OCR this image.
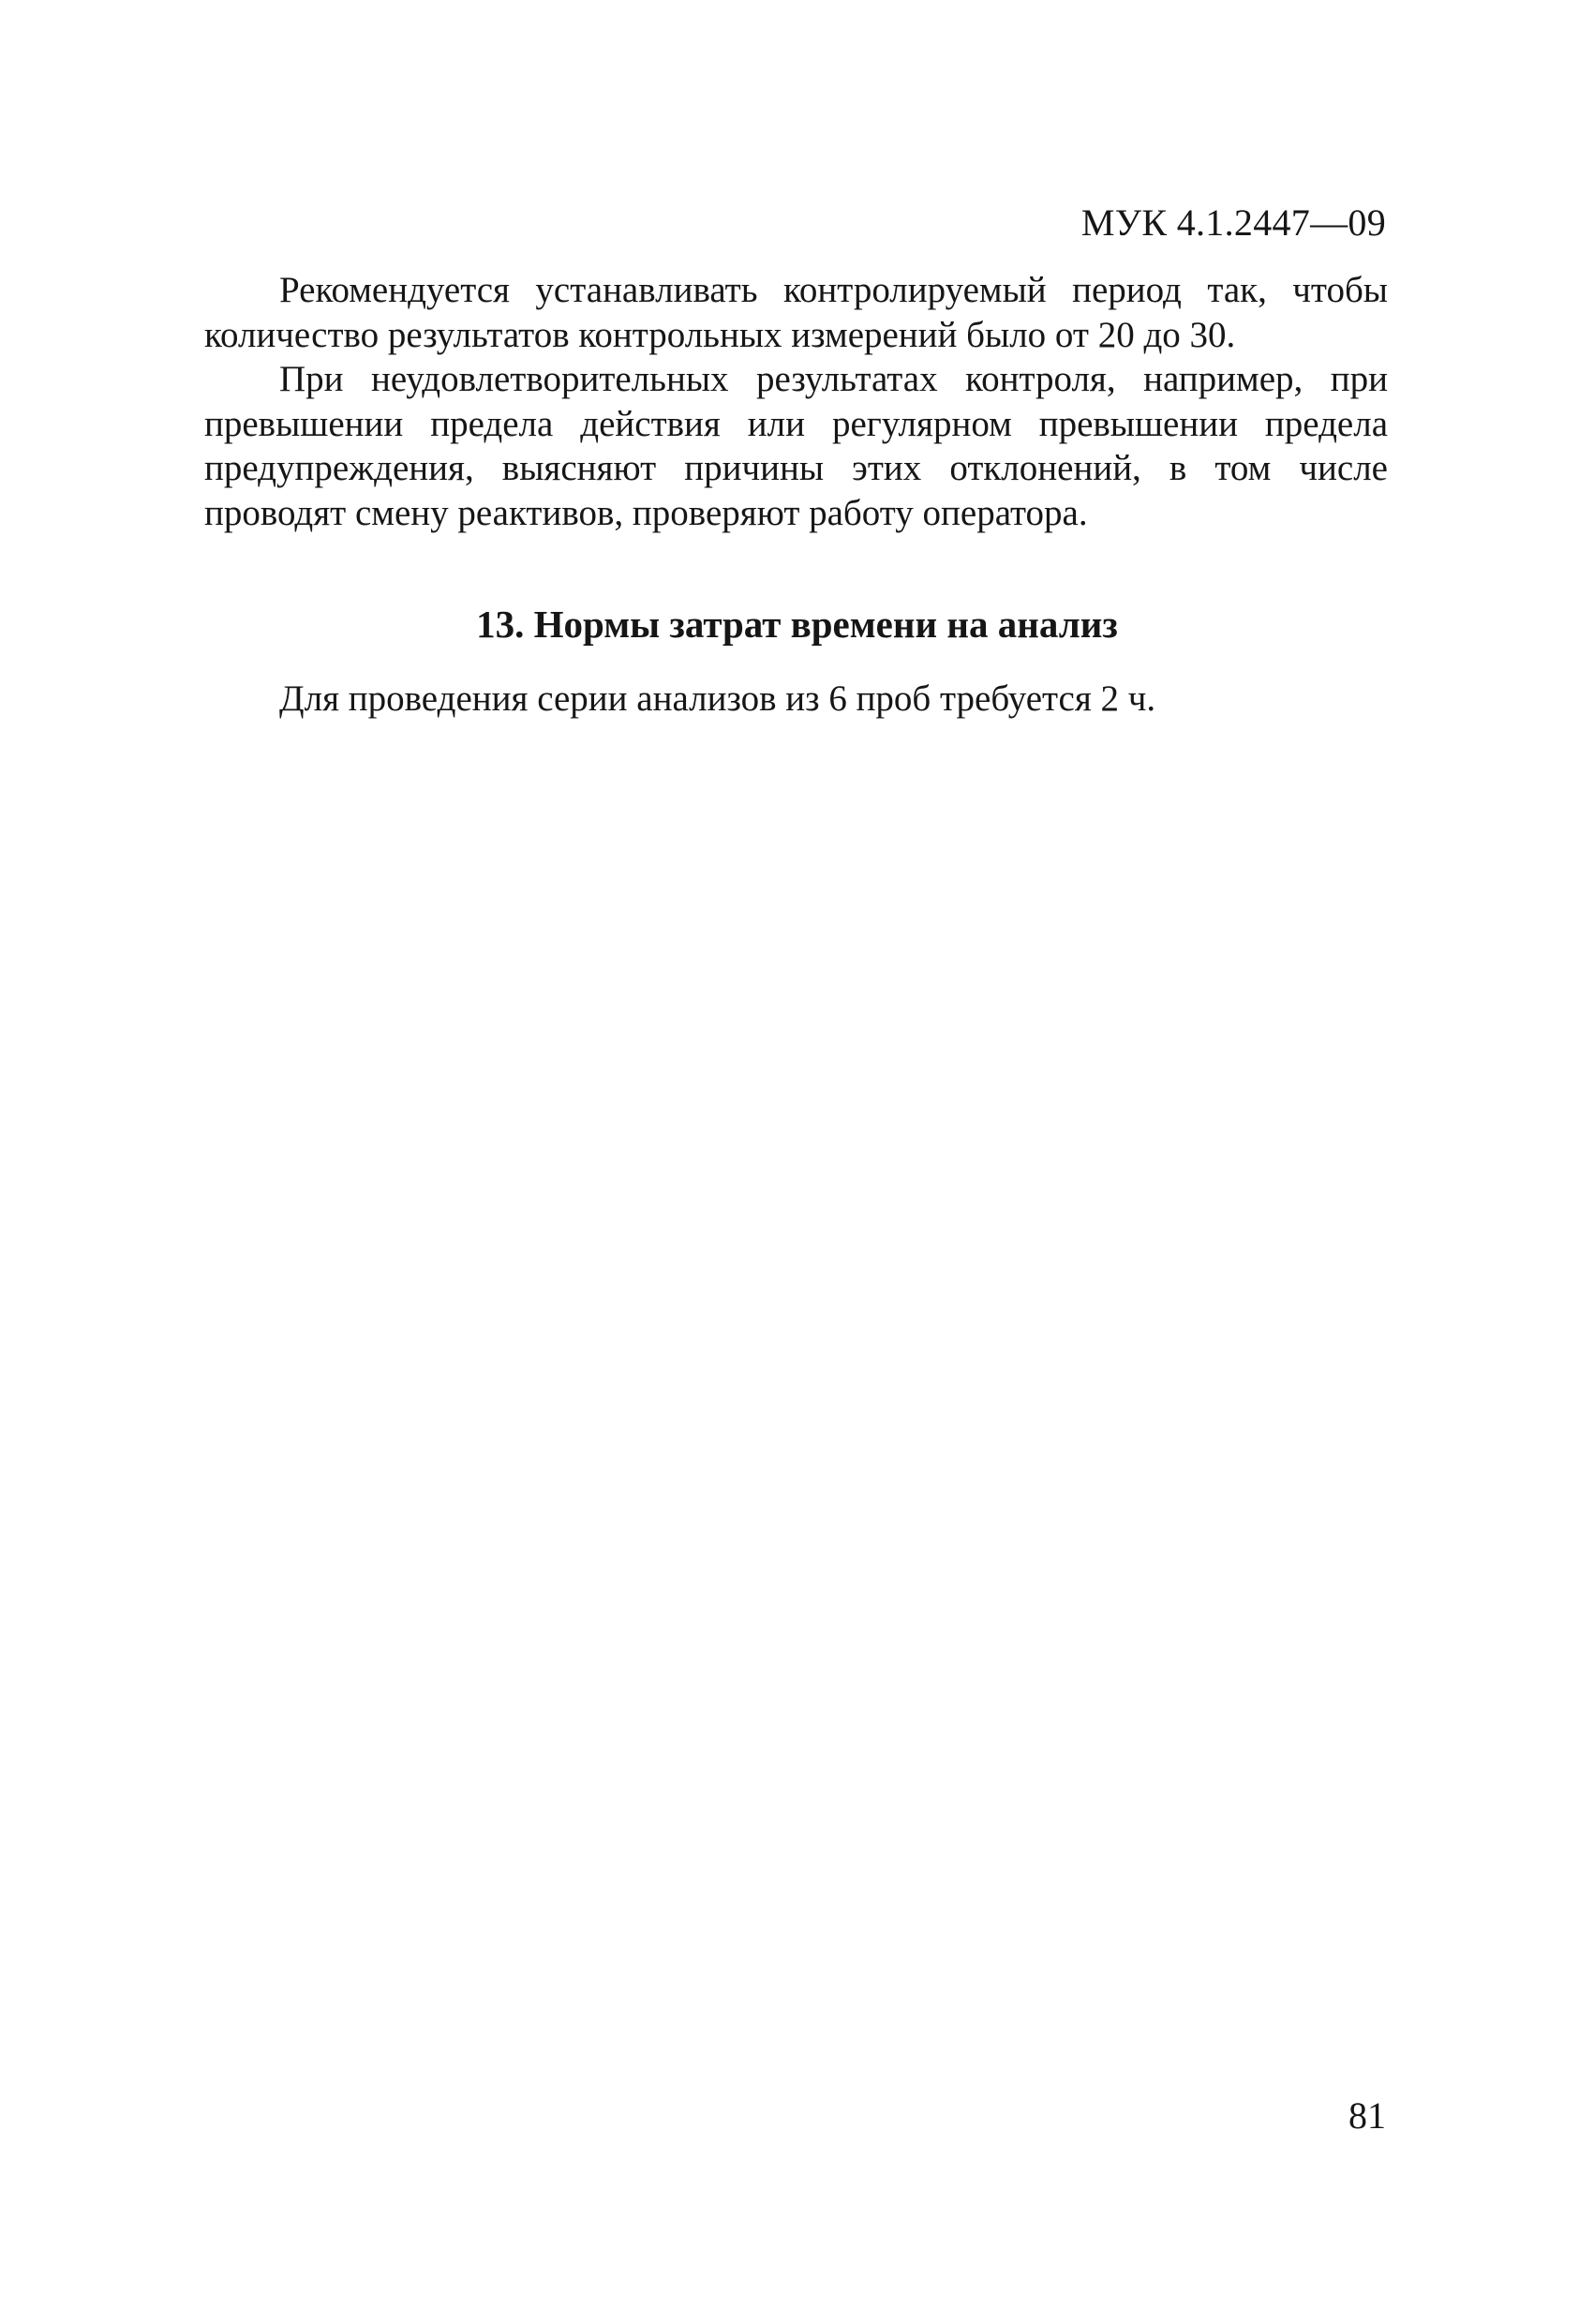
МУК 4.1.2447—09

Рекомендуется устанавливать контролируемый период так, чтобы количество результатов контрольных измерений было от 20 до 30.

При неудовлетворительных результатах контроля, например, при превышении предела действия или регулярном превышении предела предупреждения, выясняют причины этих отклонений, в том числе проводят смену реактивов, проверяют работу оператора.

13. Нормы затрат времени на анализ

Для проведения серии анализов из 6 проб требуется 2 ч.

81
